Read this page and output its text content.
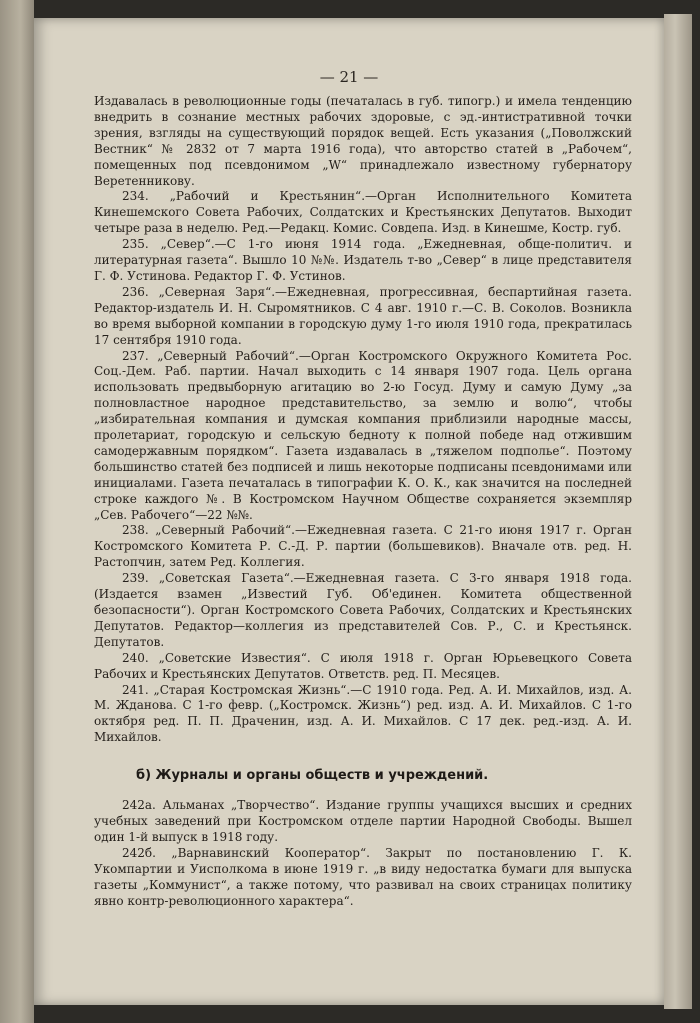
— 21 —

Издавалась в революционные годы (печаталась в губ. типогр.) и имела тенденцию внедрить в сознание местных рабочих здоровые, с эд.-интистративной точки зрения, взгляды на существующий порядок вещей. Есть указания („Поволжский Вестник“ № 2832 от 7 марта 1916 года), что авторство статей в „Рабочем“, помещенных под псевдонимом „W“ принадлежало известному губернатору Веретенникову.

234. „Рабочий и Крестьянин“.—Орган Исполнительного Комитета Кинешемского Совета Рабочих, Солдатских и Крестьянских Депутатов. Выходит четыре раза в неделю. Ред.—Редакц. Комис. Совдепа. Изд. в Кинешме, Костр. губ.

235. „Север“.—С 1-го июня 1914 года. „Ежедневная, обще-политич. и литературная газета“. Вышло 10 №№. Издатель т-во „Север“ в лице представителя Г. Ф. Устинова. Редактор Г. Ф. Устинов.

236. „Северная Заря“.—Ежедневная, прогрессивная, беспартийная газета. Редактор-издатель И. Н. Сыромятников. С 4 авг. 1910 г.—С. В. Соколов. Возникла во время выборной компании в городскую думу 1-го июля 1910 года, прекратилась 17 сентября 1910 года.

237. „Северный Рабочий“.—Орган Костромского Окружного Комитета Рос. Соц.-Дем. Раб. партии. Начал выходить с 14 января 1907 года. Цель органа использовать предвыборную агитацию во 2-ю Госуд. Думу и самую Думу „за полновластное народное представительство, за землю и волю“, чтобы „избирательная компания и думская компания приблизили народные массы, пролетариат, городскую и сельскую бедноту к полной победе над отжившим самодержавным порядком“. Газета издавалась в „тяжелом подполье“. Поэтому большинство статей без подписей и лишь некоторые подписаны псевдонимами или инициалами. Газета печаталась в типографии К. О. К., как значится на последней строке каждого №. В Костромском Научном Обществе сохраняется экземпляр „Сев. Рабочего“—22 №№.

238. „Северный Рабочий“.—Ежедневная газета. С 21-го июня 1917 г. Орган Костромского Комитета Р. С.-Д. Р. партии (большевиков). Вначале отв. ред. Н. Растопчин, затем Ред. Коллегия.

239. „Советская Газета“.—Ежедневная газета. С 3-го января 1918 года. (Издается взамен „Известий Губ. Об'единен. Комитета общественной безопасности“). Орган Костромского Совета Рабочих, Солдатских и Крестьянских Депутатов. Редактор—коллегия из представителей Сов. Р., С. и Крестьянск. Депутатов.

240. „Советские Известия“. С июля 1918 г. Орган Юрьевецкого Совета Рабочих и Крестьянских Депутатов. Ответств. ред. П. Месяцев.

241. „Старая Костромская Жизнь“.—С 1910 года. Ред. А. И. Михайлов, изд. А. М. Жданова. С 1-го февр. („Костромск. Жизнь“) ред. изд. А. И. Михайлов. С 1-го октября ред. П. П. Драченин, изд. А. И. Михайлов. С 17 дек. ред.-изд. А. И. Михайлов.

б) Журналы и органы обществ и учреждений.

242а. Альманах „Творчество“. Издание группы учащихся высших и средних учебных заведений при Костромском отделе партии Народной Свободы. Вышел один 1-й выпуск в 1918 году.

242б. „Варнавинский Кооператор“. Закрыт по постановлению Г. К. Укомпартии и Уисполкома в июне 1919 г. „в виду недостатка бумаги для выпуска газеты „Коммунист“, а также потому, что развивал на своих страницах политику явно контр-революционного характера“.
